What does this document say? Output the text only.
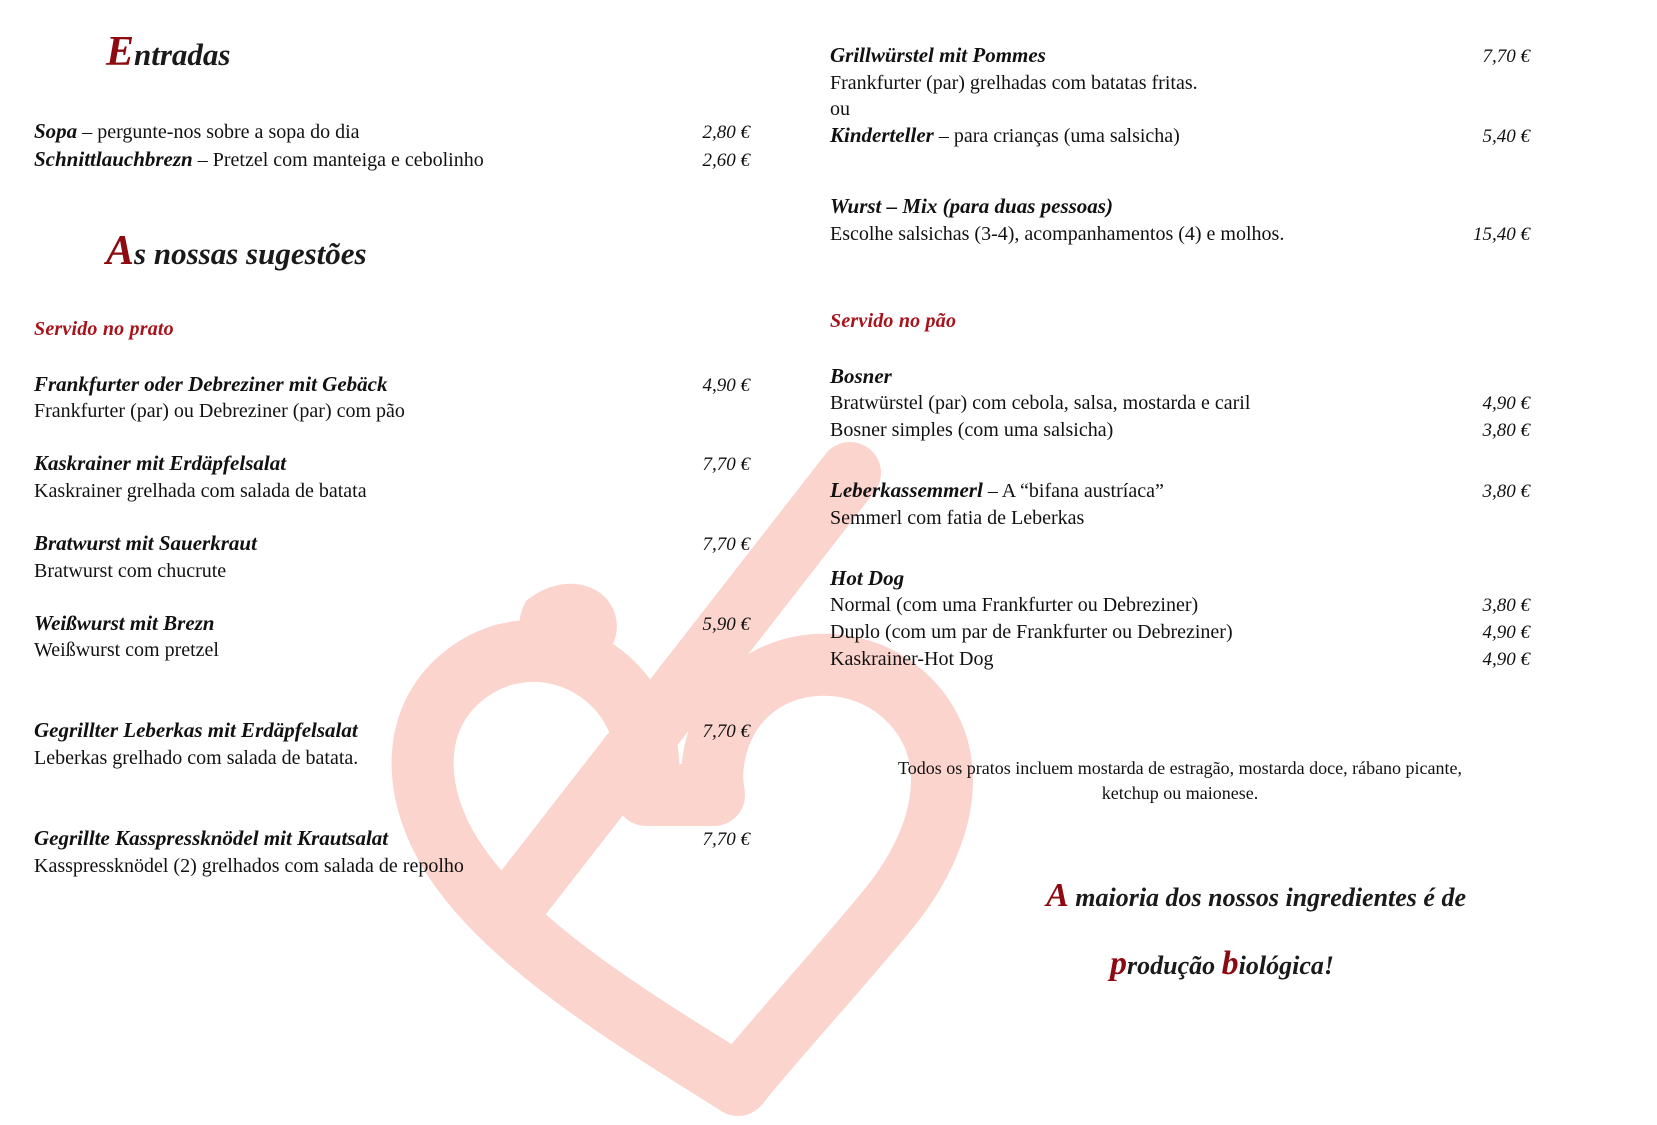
Entradas
Sopa – pergunte-nos sobre a sopa do dia	2,80 €
Schnittlauchbrezn – Pretzel com manteiga e cebolinho	2,60 €
As nossas sugestões
Servido no prato
Frankfurter oder Debreziner mit Gebäck	4,90 €
Frankfurter (par) ou Debreziner (par) com pão
Kaskrainer mit Erdäpfelsalat	7,70 €
Kaskrainer grelhada com salada de batata
Bratwurst mit Sauerkraut	7,70 €
Bratwurst com chucrute
Weißwurst mit Brezn	5,90 €
Weißwurst com pretzel
Gegrillter Leberkas mit Erdäpfelsalat	7,70 €
Leberkas grelhado com salada de batata.
Gegrillte Kasspressknödel mit Krautsalat	7,70 €
Kasspressknödel (2) grelhados com salada de repolho
Grillwürstel mit Pommes	7,70 €
Frankfurter (par) grelhadas com batatas fritas.
ou
Kinderteller – para crianças (uma salsicha)	5,40 €
Wurst – Mix (para duas pessoas)

Escolhe salsichas (3-4), acompanhamentos (4) e molhos.	15,40 €
Servido no pão
Bosner
Bratwürstel (par) com cebola, salsa, mostarda e caril	4,90 €
Bosner simples (com uma salsicha)	3,80 €
Leberkassemmerl – A “bifana austríaca”	3,80 €
Semmerl com fatia de Leberkas
Hot Dog
Normal (com uma Frankfurter ou Debreziner)	3,80 €
Duplo (com um par de Frankfurter ou Debreziner)	4,90 €
Kaskrainer-Hot Dog	4,90 €
Todos os pratos incluem mostarda de estragão, mostarda doce, rábano picante,
ketchup ou maionese.
A maioria dos nossos ingredientes é de
produção biológica!
